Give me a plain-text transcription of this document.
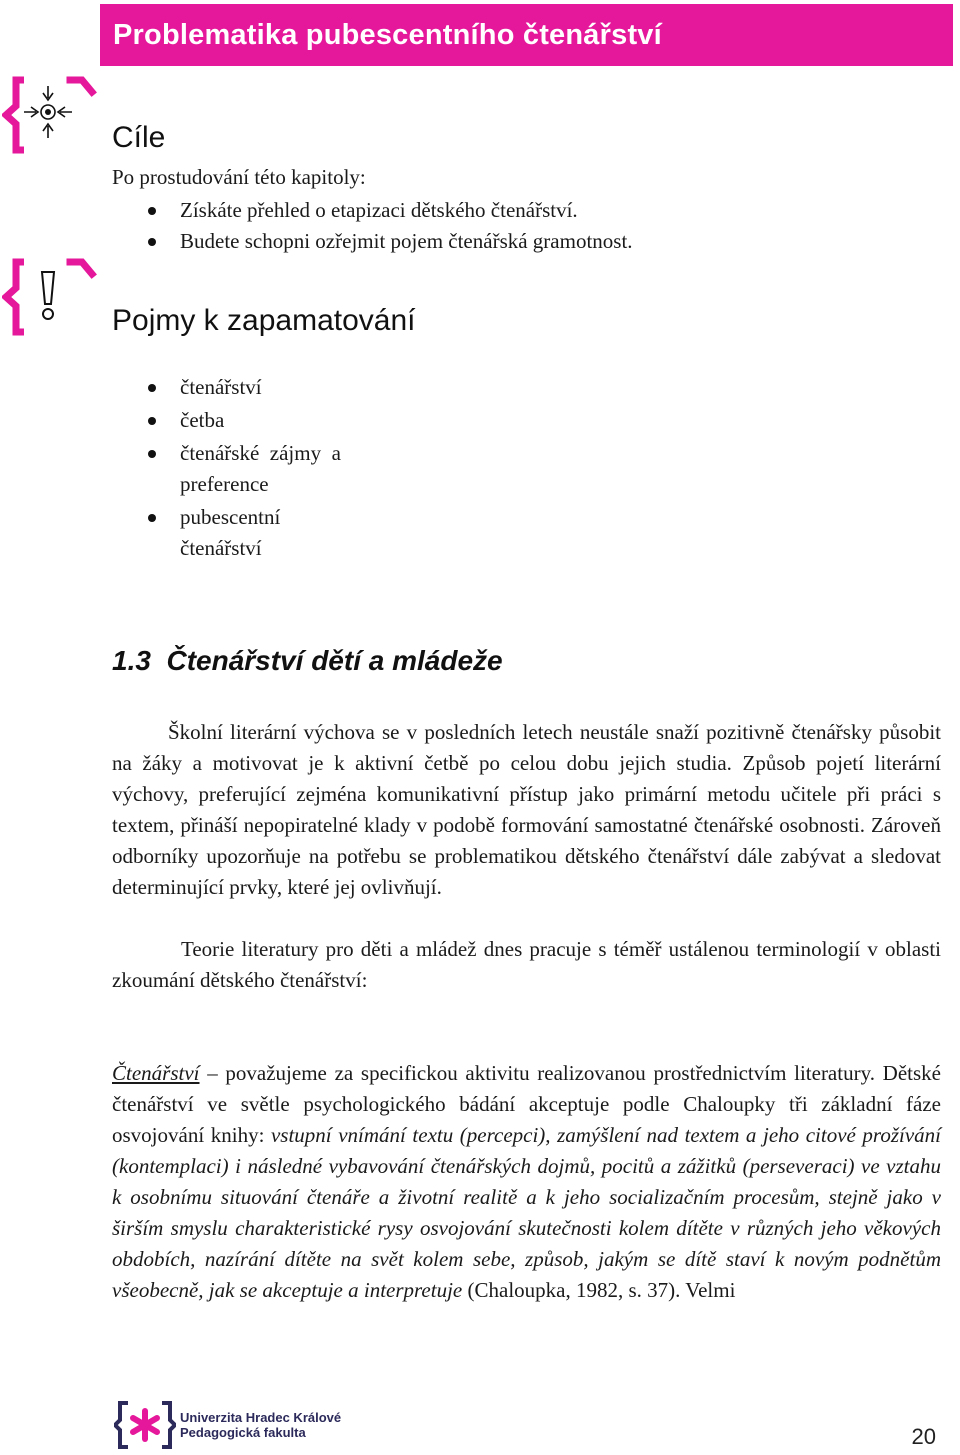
Problematika pubescentního čtenářství
Cíle

Po prostudování této kapitoly:

Získáte přehled o etapizaci dětského čtenářství.
Budete schopni ozřejmit pojem čtenářská gramotnost.
Pojmy k zapamatování
čtenářství
četba
čtenářské  zájmy  a
preference
pubescentní
čtenářství
1.3  Čtenářství dětí a mládeže

Školní literární výchova se v posledních letech neustále snaží pozitivně čtenářsky působit na žáky a motivovat je k aktivní četbě po celou dobu jejich studia. Způsob pojetí literární výchovy, preferující zejména komunikativní přístup jako primární metodu učitele při práci s textem, přináší nepopiratelné klady v podobě formování samostatné čtenářské osobnosti. Zároveň odborníky upozorňuje na potřebu se problematikou dětského čtenářství dále zabývat a sledovat determinující prvky, které jej ovlivňují.

Teorie literatury pro děti a mládež dnes pracuje s téměř ustálenou terminologií v oblasti zkoumání dětského čtenářství:

Čtenářství – považujeme za specifickou aktivitu realizovanou prostřednictvím literatury. Dětské čtenářství ve světle psychologického bádání akceptuje podle Chaloupky tři základní fáze osvojování knihy: vstupní vnímání textu (percepci), zamýšlení nad textem a jeho citové prožívání (kontemplaci) i následné vybavování čtenářských dojmů, pocitů a zážitků (perseveraci) ve vztahu k osobnímu situování čtenáře a životní realitě a k jeho socializačním procesům, stejně jako v širším smyslu charakteristické rysy osvojování skutečnosti kolem dítěte v různých jeho věkových obdobích, nazírání dítěte na svět kolem sebe, způsob, jakým se dítě staví k novým podnětům všeobecně, jak se akceptuje a interpretuje (Chaloupka, 1982, s. 37). Velmi

Univerzita Hradec Králové
Pedagogická fakulta	20
